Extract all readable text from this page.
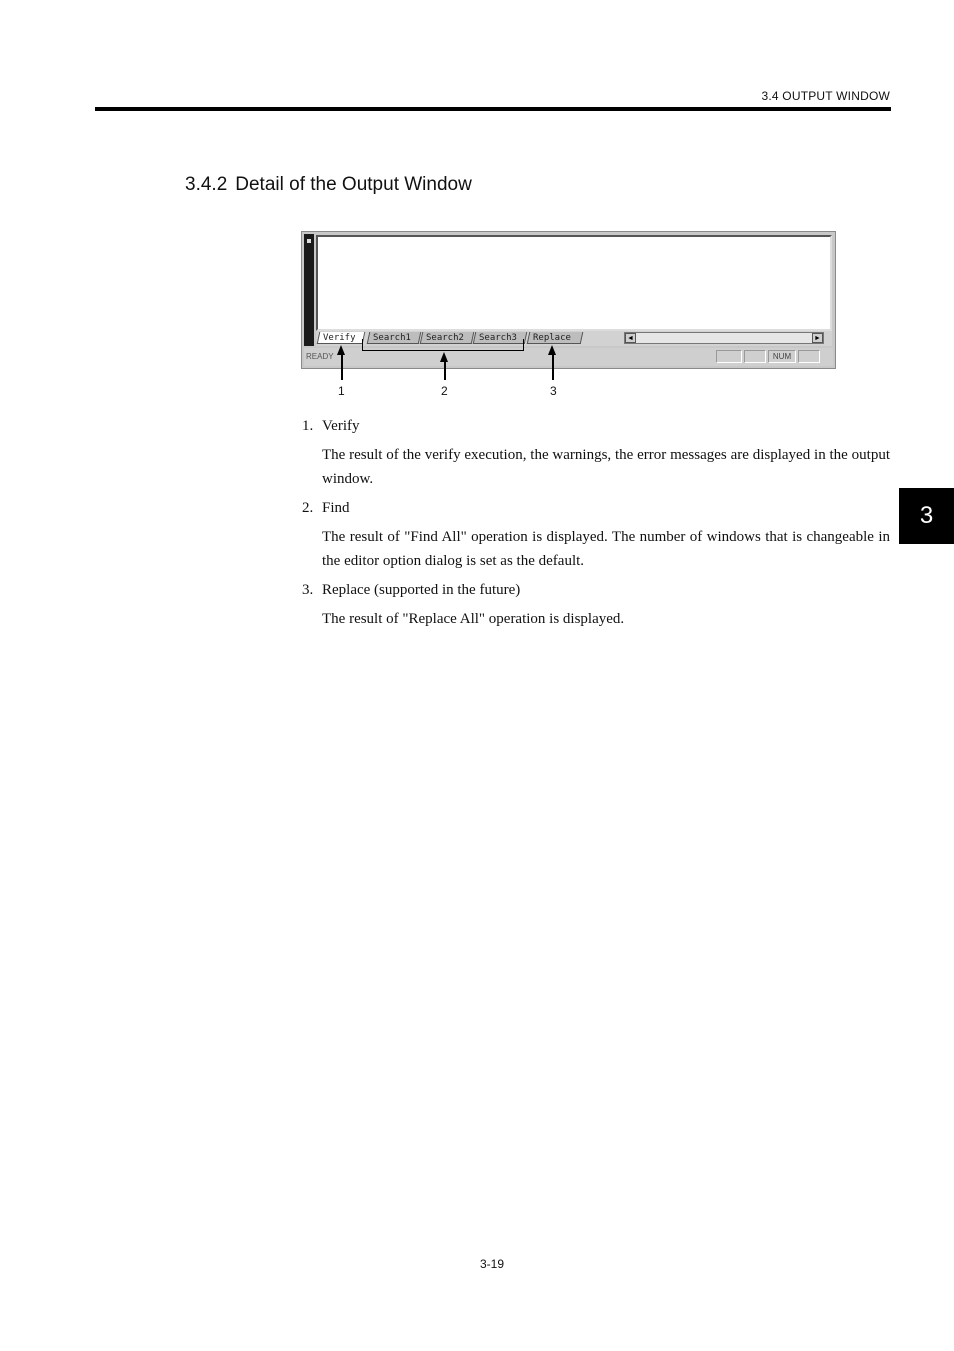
3.4 OUTPUT WINDOW
3.4.2 Detail of the Output Window
Verify	Search1	Search2	Search3	Replace	◄	►
READY	NUM
1	2	3

1. Verify

The result of the verify execution, the warnings, the error messages are displayed in the output window.

2. Find

The result of "Find All" operation is displayed. The number of windows that is changeable in the editor option dialog is set as the default.

3. Replace (supported in the future)

The result of "Replace All" operation is displayed.

3
3-19
